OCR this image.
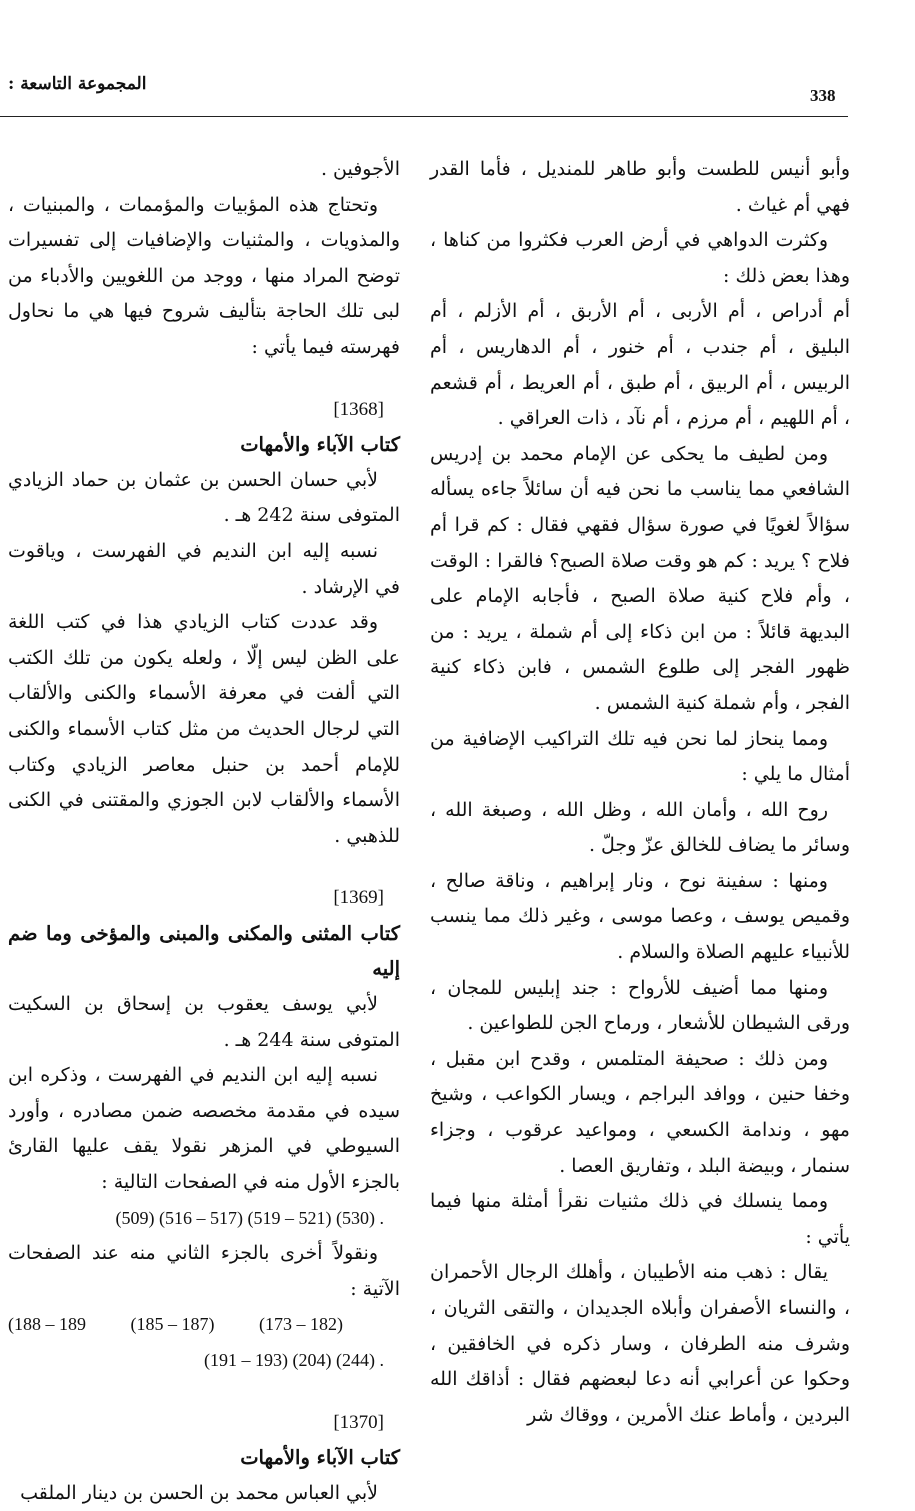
338
المجموعة التاسعة :

وأبو أنيس للطست وأبو طاهر للمنديل ، فأما القدر فهي أم غياث .

وكثرت الدواهي في أرض العرب فكثروا من كناها ، وهذا بعض ذلك :

أم أدراص ، أم الأربى ، أم الأربق ، أم الأزلم ، أم البليق ، أم جندب ، أم خنور ، أم الدهاريس ، أم الربيس ، أم الربيق ، أم طبق ، أم العريط ، أم قشعم ، أم اللهيم ، أم مرزم ، أم نآد ، ذات العراقي .

ومن لطيف ما يحكى عن الإمام محمد بن إدريس الشافعي مما يناسب ما نحن فيه أن سائلاً جاءه يسأله سؤالاً لغويًا في صورة سؤال فقهي فقال : كم قرا أم فلاح ؟ يريد : كم هو وقت صلاة الصبح؟ فالقرا : الوقت ، وأم فلاح كنية صلاة الصبح ، فأجابه الإمام على البديهة قائلاً : من ابن ذكاء إلى أم شملة ، يريد : من ظهور الفجر إلى طلوع الشمس ، فابن ذكاء كنية الفجر ، وأم شملة كنية الشمس .

ومما ينحاز لما نحن فيه تلك التراكيب الإضافية من أمثال ما يلي :

روح الله ، وأمان الله ، وظل الله ، وصبغة الله ، وسائر ما يضاف للخالق عزّ وجلّ .

ومنها : سفينة نوح ، ونار إبراهيم ، وناقة صالح ، وقميص يوسف ، وعصا موسى ، وغير ذلك مما ينسب للأنبياء عليهم الصلاة والسلام .

ومنها مما أضيف للأرواح : جند إبليس للمجان ، ورقى الشيطان للأشعار ، ورماح الجن للطواعين .

ومن ذلك : صحيفة المتلمس ، وقدح ابن مقبل ، وخفا حنين ، ووافد البراجم ، ويسار الكواعب ، وشيخ مهو ، وندامة الكسعي ، ومواعيد عرقوب ، وجزاء سنمار ، وبيضة البلد ، وتفاريق العصا .

ومما ينسلك في ذلك مثنيات نقرأ أمثلة منها فيما يأتي :

يقال : ذهب منه الأطيبان ، وأهلك الرجال الأحمران ، والنساء الأصفران وأبلاه الجديدان ، والتقى الثريان ، وشرف منه الطرفان ، وسار ذكره في الخافقين ، وحكوا عن أعرابي أنه دعا لبعضهم فقال : أذاقك الله البردين ، وأماط عنك الأمرين ، ووقاك شر

الأجوفين .

وتحتاج هذه المؤبيات والمؤممات ، والمبنيات ، والمذويات ، والمثنيات والإضافيات إلى تفسيرات توضح المراد منها ، ووجد من اللغويين والأدباء من لبى تلك الحاجة بتأليف شروح فيها هي ما نحاول فهرسته فيما يأتي :

[1368]

كتاب الآباء والأمهات

لأبي حسان الحسن بن عثمان بن حماد الزيادي المتوفى سنة 242 هـ .

نسبه إليه ابن النديم في الفهرست ، وياقوت في الإرشاد .

وقد عددت كتاب الزيادي هذا في كتب اللغة على الظن ليس إلّا ، ولعله يكون من تلك الكتب التي ألفت في معرفة الأسماء والكنى والألقاب التي لرجال الحديث من مثل كتاب الأسماء والكنى للإمام أحمد بن حنبل معاصر الزيادي وكتاب الأسماء والألقاب لابن الجوزي والمقتنى في الكنى للذهبي .

[1369]

كتاب المثنى والمكنى والمبنى والمؤخى وما ضم إليه

لأبي يوسف يعقوب بن إسحاق بن السكيت المتوفى سنة 244 هـ .

نسبه إليه ابن النديم في الفهرست ، وذكره ابن سيده في مقدمة مخصصه ضمن مصادره ، وأورد السيوطي في المزهر نقولا يقف عليها القارئ بالجزء الأول منه في الصفحات التالية :

(509) (516 – 517) (519 – 521) (530) .

ونقولاً أخرى بالجزء الثاني منه عند الصفحات الآتية :

(188 – 189 (185 – 187) (173 – 182)
(191 – 193) (204) (244) .
[1370]

كتاب الآباء والأمهات

لأبي العباس محمد بن الحسن بن دينار الملقب
